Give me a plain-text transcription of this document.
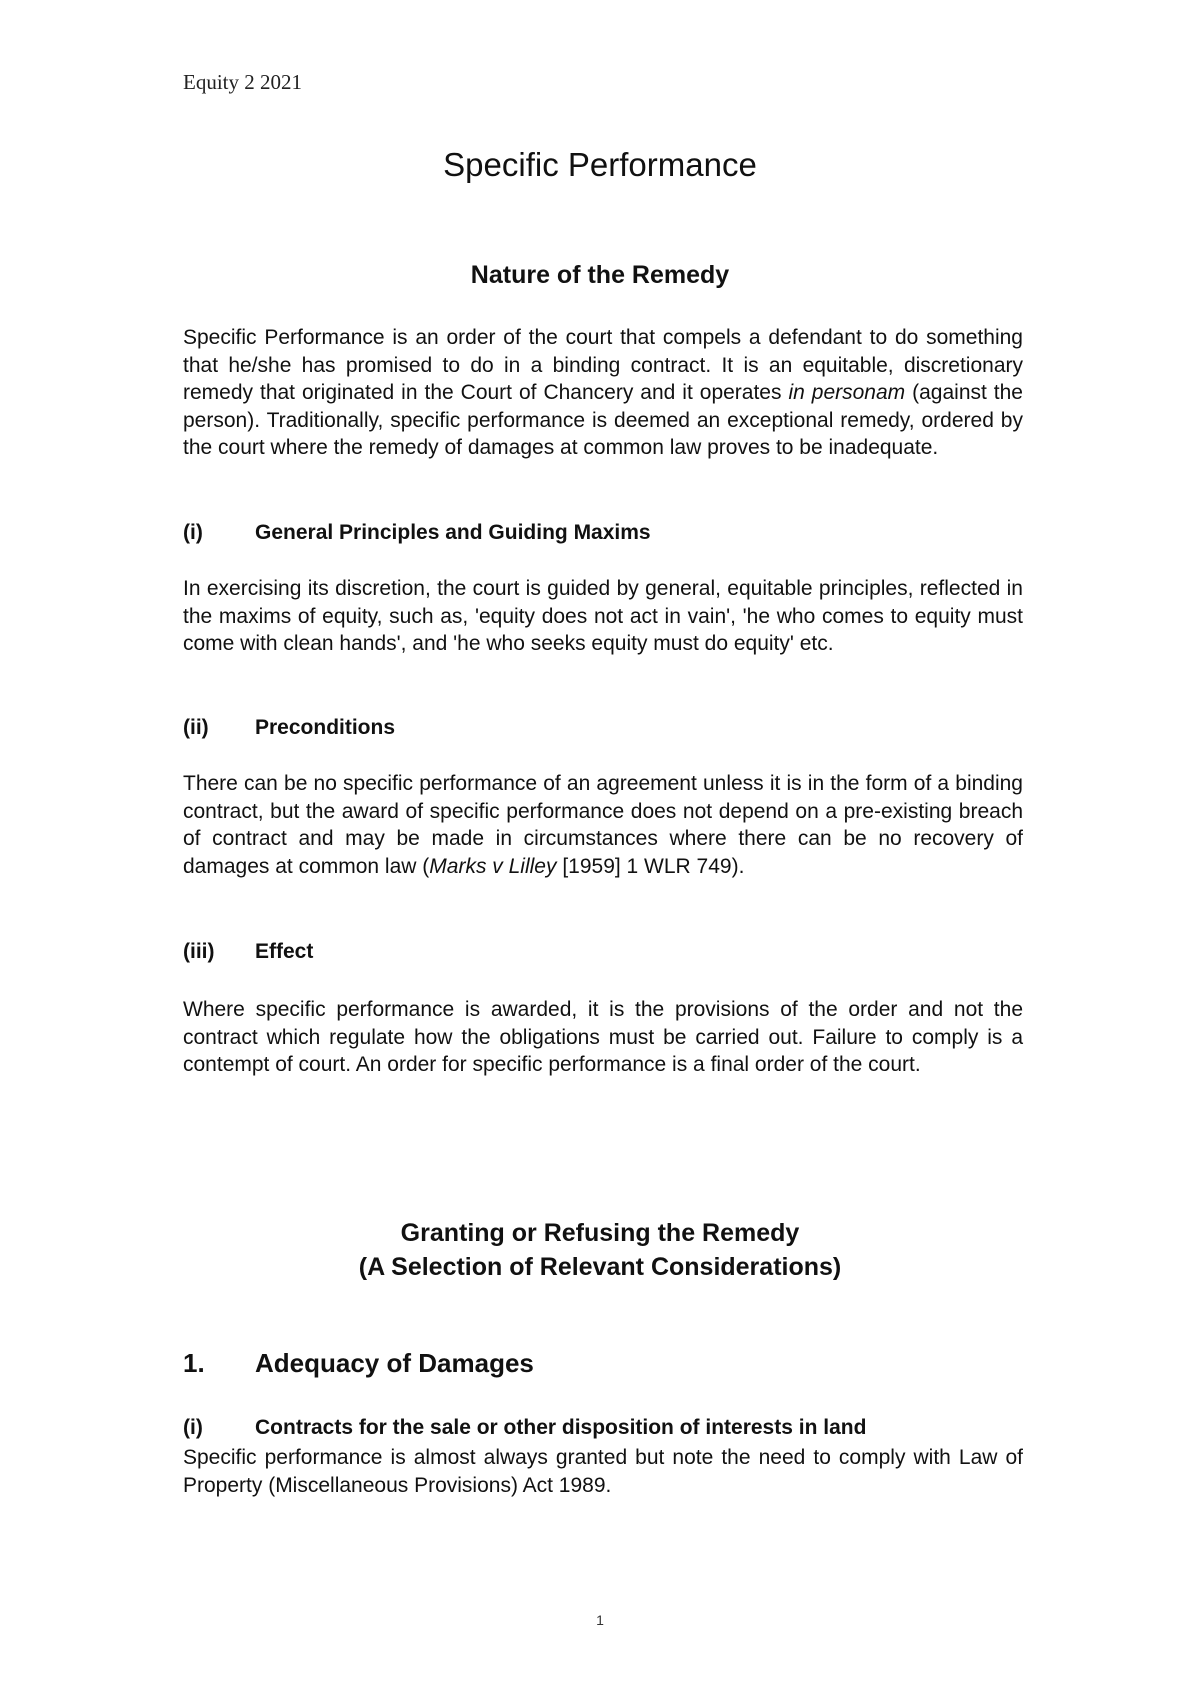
Equity 2 2021
Specific Performance
Nature of the Remedy

Specific Performance is an order of the court that compels a defendant to do something that he/she has promised to do in a binding contract. It is an equitable, discretionary remedy that originated in the Court of Chancery and it operates in personam (against the person). Traditionally, specific performance is deemed an exceptional remedy, ordered by the court where the remedy of damages at common law proves to be inadequate.

(i) General Principles and Guiding Maxims

In exercising its discretion, the court is guided by general, equitable principles, reflected in the maxims of equity, such as, 'equity does not act in vain', 'he who comes to equity must come with clean hands', and 'he who seeks equity must do equity' etc.

(ii) Preconditions

There can be no specific performance of an agreement unless it is in the form of a binding contract, but the award of specific performance does not depend on a pre-existing breach of contract and may be made in circumstances where there can be no recovery of damages at common law (Marks v Lilley [1959] 1 WLR 749).

(iii) Effect

Where specific performance is awarded, it is the provisions of the order and not the contract which regulate how the obligations must be carried out. Failure to comply is a contempt of court. An order for specific performance is a final order of the court.

Granting or Refusing the Remedy
(A Selection of Relevant Considerations)
1. Adequacy of Damages
(i) Contracts for the sale or other disposition of interests in land

Specific performance is almost always granted but note the need to comply with Law of Property (Miscellaneous Provisions) Act 1989.

1
